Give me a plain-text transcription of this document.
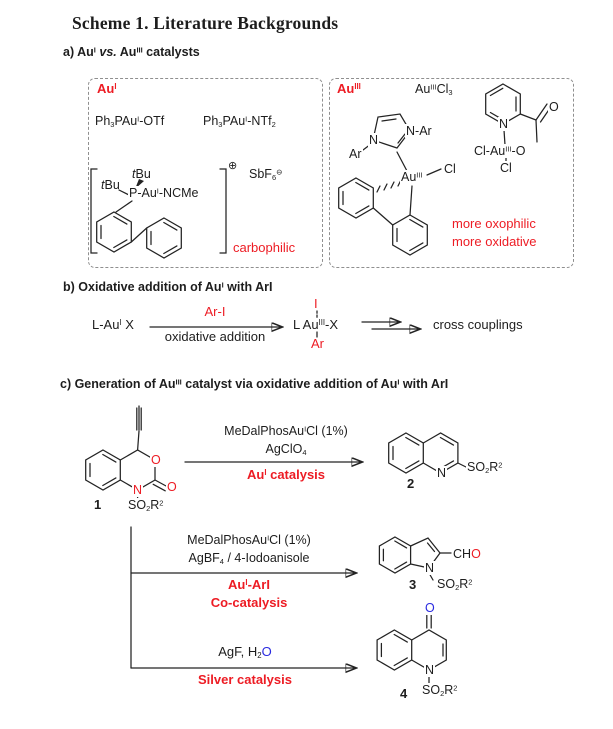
Scheme 1. Literature Backgrounds
a) $Au^I$ vs. $Au^{III}$ catalysts
$Au^I$
$Ph_3PAu^I$-OTf	$Ph_3PAu^I-NTf_2$
tBu
tBu
$P-Au^I$-NCMe
⊕
SbF$_6$⊖
carbophilic
$Au^{III}$	$Au^{III}Cl_3$
Ar
N
N-Ar
$Au^{III}$ Cl
N
$Cl-Au^{III}-O$
Cl
O
more oxophilic
more oxidative
b) Oxidative addition of $Au^I$ with ArI
$L-Au^I$ X
Ar-I
oxidative addition
L $Au^{III}-X$
I
Ar
cross couplings
c) Generation of $Au^{III}$ catalyst via oxidative addition of $Au^I$ with ArI
O
O
N
$SO_2R^2$
1
MeDalPhosAu$^I$Cl (1%)
AgClO$_4$
$Au^I$ catalysis	N $SO_2R^2$
2
MeDalPhosAu$^I$Cl (1%)
AgBF$_4$ / 4-Iodoanisole
$Au^I$-ArI
Co-catalysis
N
CHO
$SO_2R^2$
3
AgF, $H_2O$
Silver catalysis
O
N
$SO_2R^2$
4
